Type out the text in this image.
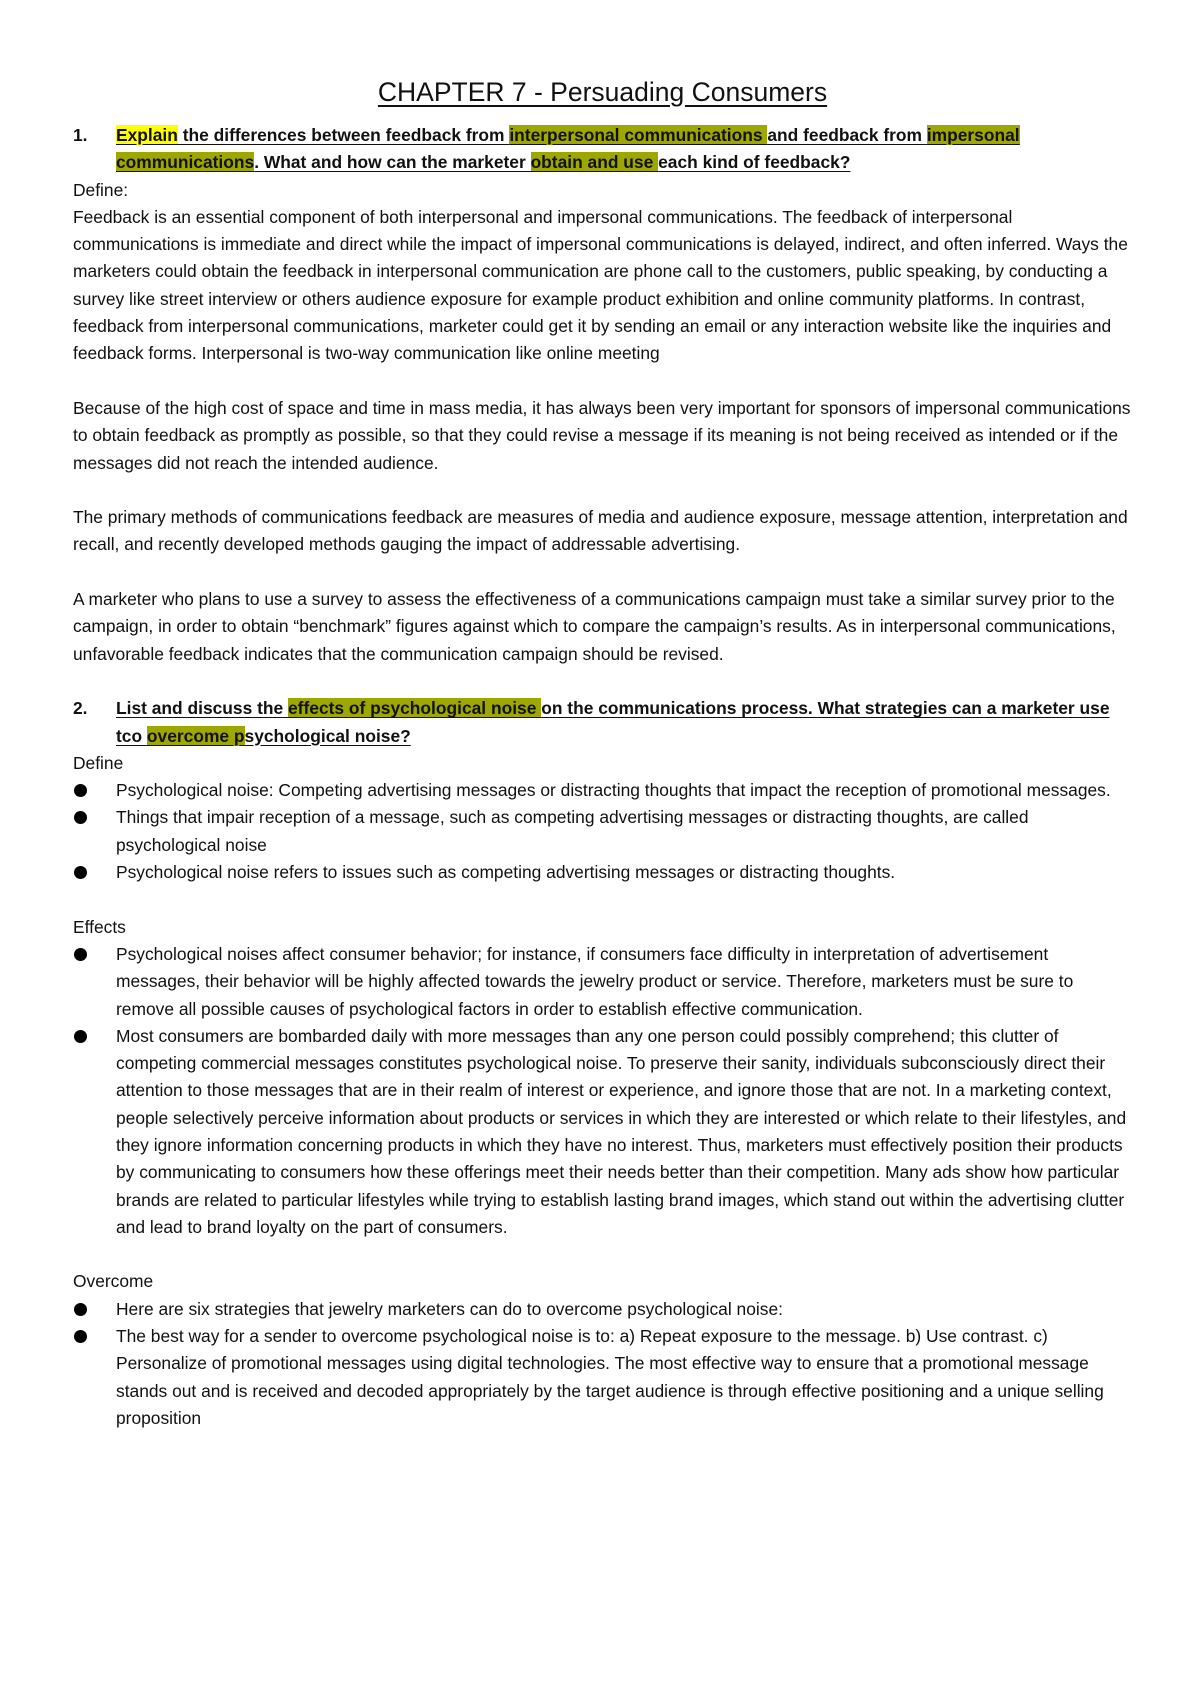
CHAPTER 7 - Persuading Consumers
1. Explain the differences between feedback from interpersonal communications and feedback from impersonal communications. What and how can the marketer obtain and use each kind of feedback?

Define:

Feedback is an essential component of both interpersonal and impersonal communications. The feedback of interpersonal communications is immediate and direct while the impact of impersonal communications is delayed, indirect, and often inferred. Ways the marketers could obtain the feedback in interpersonal communication are phone call to the customers, public speaking, by conducting a survey like street interview or others audience exposure for example product exhibition and online community platforms. In contrast, feedback from interpersonal communications, marketer could get it by sending an email or any interaction website like the inquiries and feedback forms. Interpersonal is two-way communication like online meeting

Because of the high cost of space and time in mass media, it has always been very important for sponsors of impersonal communications to obtain feedback as promptly as possible, so that they could revise a message if its meaning is not being received as intended or if the messages did not reach the intended audience.

The primary methods of communications feedback are measures of media and audience exposure, message attention, interpretation and recall, and recently developed methods gauging the impact of addressable advertising.

A marketer who plans to use a survey to assess the effectiveness of a communications campaign must take a similar survey prior to the campaign, in order to obtain “benchmark” figures against which to compare the campaign’s results. As in interpersonal communications, unfavorable feedback indicates that the communication campaign should be revised.

2. List and discuss the effects of psychological noise on the communications process. What strategies can a marketer use tco overcome psychological noise?

Define

Psychological noise: Competing advertising messages or distracting thoughts that impact the reception of promotional messages.
Things that impair reception of a message, such as competing advertising messages or distracting thoughts, are called psychological noise
Psychological noise refers to issues such as competing advertising messages or distracting thoughts.

Effects

Psychological noises affect consumer behavior; for instance, if consumers face difficulty in interpretation of advertisement messages, their behavior will be highly affected towards the jewelry product or service. Therefore, marketers must be sure to remove all possible causes of psychological factors in order to establish effective communication.
Most consumers are bombarded daily with more messages than any one person could possibly comprehend; this clutter of competing commercial messages constitutes psychological noise. To preserve their sanity, individuals subconsciously direct their attention to those messages that are in their realm of interest or experience, and ignore those that are not. In a marketing context, people selectively perceive information about products or services in which they are interested or which relate to their lifestyles, and they ignore information concerning products in which they have no interest. Thus, marketers must effectively position their products by communicating to consumers how these offerings meet their needs better than their competition. Many ads show how particular brands are related to particular lifestyles while trying to establish lasting brand images, which stand out within the advertising clutter and lead to brand loyalty on the part of consumers.

Overcome

Here are six strategies that jewelry marketers can do to overcome psychological noise:
The best way for a sender to overcome psychological noise is to: a) Repeat exposure to the message. b) Use contrast. c) Personalize of promotional messages using digital technologies. The most effective way to ensure that a promotional message stands out and is received and decoded appropriately by the target audience is through effective positioning and a unique selling proposition
